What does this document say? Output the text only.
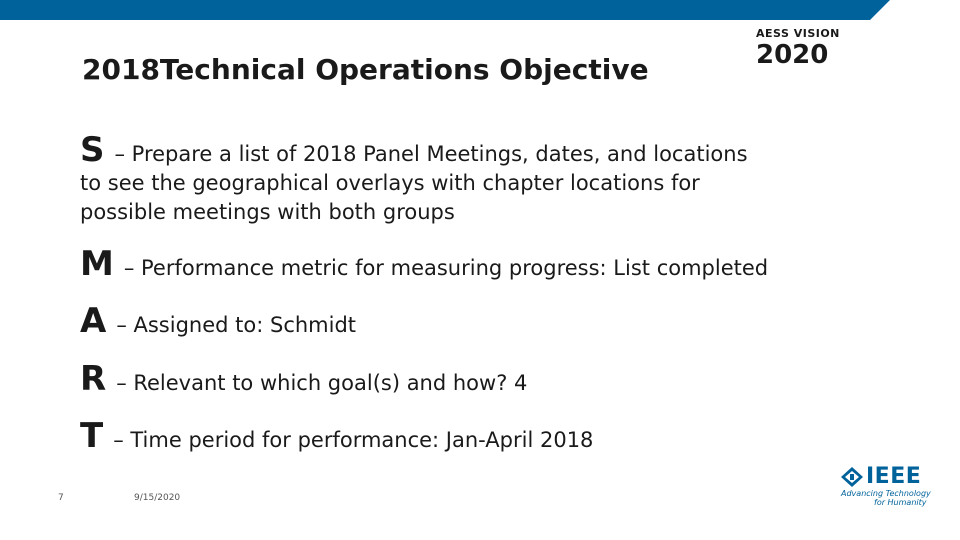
2018Technical Operations Objective
AESS VISION
2020
S – Prepare a list of 2018 Panel Meetings, dates, and locations
to see the geographical overlays with chapter locations for
possible meetings with both groups
M – Performance metric for measuring progress: List completed
A – Assigned to: Schmidt
R – Relevant to which goal(s) and how? 4
T – Time period for performance: Jan-April 2018
7	9/15/2020
IEEE
Advancing Technology
for Humanity
